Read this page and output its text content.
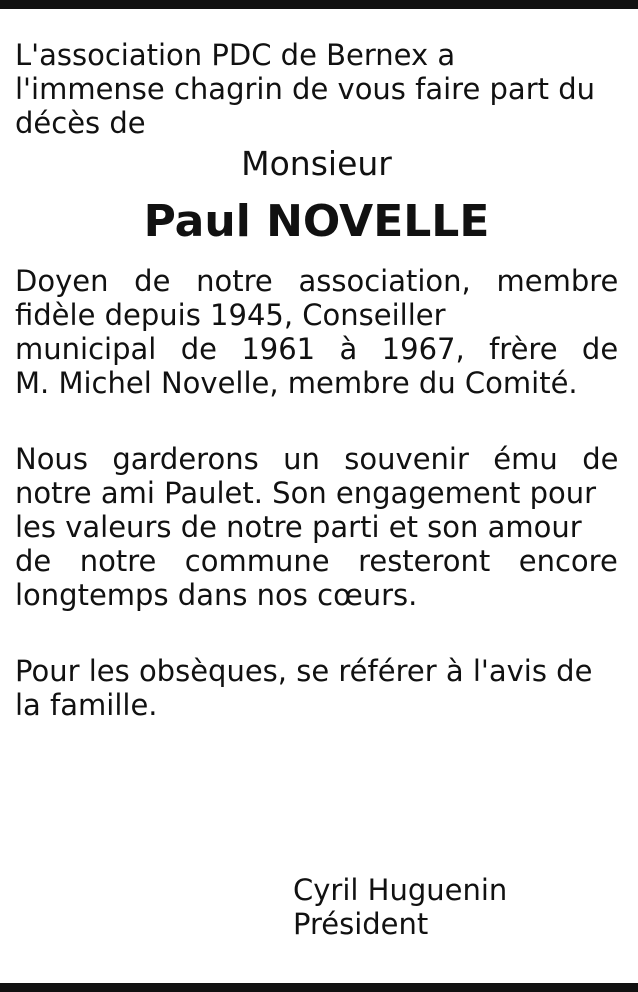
L'association PDC de Bernex a
l'immense chagrin de vous faire part du
décès de
Monsieur
Paul NOVELLE
Doyen de notre association, membre
fidèle depuis 1945, Conseiller
municipal de 1961 à 1967, frère de
M. Michel Novelle, membre du Comité.
Nous garderons un souvenir ému de
notre ami Paulet. Son engagement pour
les valeurs de notre parti et son amour
de notre commune resteront encore
longtemps dans nos cœurs.
Pour les obsèques, se référer à l'avis de
la famille.
Cyril Huguenin
Président
